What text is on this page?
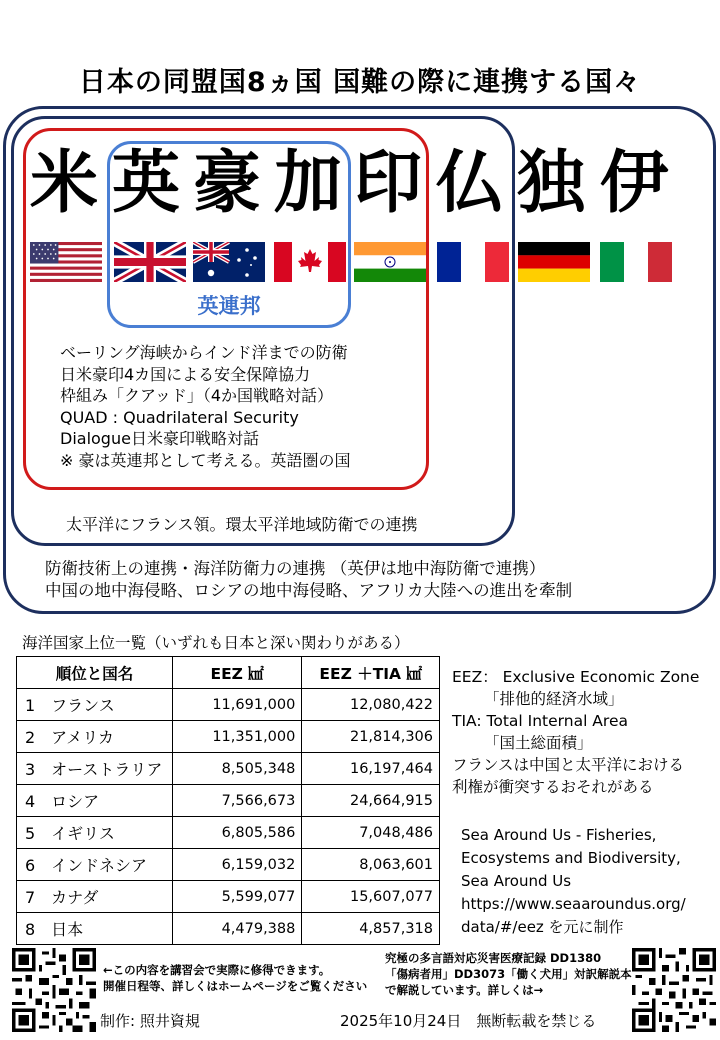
日本の同盟国8ヵ国 国難の際に連携する国々
米 英 豪 加 印 仏 独 伊
英連邦
ベーリング海峡からインド洋までの防衛
日米豪印4カ国による安全保障協力
枠組み「クアッド」（4か国戦略対話）
QUAD : Quadrilateral Security
Dialogue日米豪印戦略対話
※ 豪は英連邦として考える。英語圏の国
太平洋にフランス領。環太平洋地域防衛での連携
防衛技術上の連携・海洋防衛力の連携 （英伊は地中海防衛で連携）
中国の地中海侵略、ロシアの地中海侵略、アフリカ大陸への進出を牽制
海洋国家上位一覧（いずれも日本と深い関わりがある）
順位と国名	EEZ ㎢	EEZ ＋TIA ㎢
1　フランス	11,691,000	12,080,422
2　アメリカ	11,351,000	21,814,306
3　オーストラリア	8,505,348	16,197,464
4　ロシア	7,566,673	24,664,915
5　イギリス	6,805,586	7,048,486
6　インドネシア	6,159,032	8,063,601
7　カナダ	5,599,077	15,607,077
8　日本	4,479,388	4,857,318
EEZ： Exclusive Economic Zone
「排他的経済水域」
TIA: Total Internal Area
「国土総面積」
フランスは中国と太平洋における
利権が衝突するおそれがある
Sea Around Us - Fisheries,
Ecosystems and Biodiversity,
Sea Around Us
https://www.seaaroundus.org/
data/#/eez を元に制作
←この内容を講習会で実際に修得できます。
開催日程等、詳しくはホームページをご覧ください
究極の多言語対応災害医療記録 DD1380
「傷病者用」DD3073「働く犬用」対訳解説本
で解説しています。詳しくは→
制作: 照井資規	2025年10月24日　無断転載を禁じる
